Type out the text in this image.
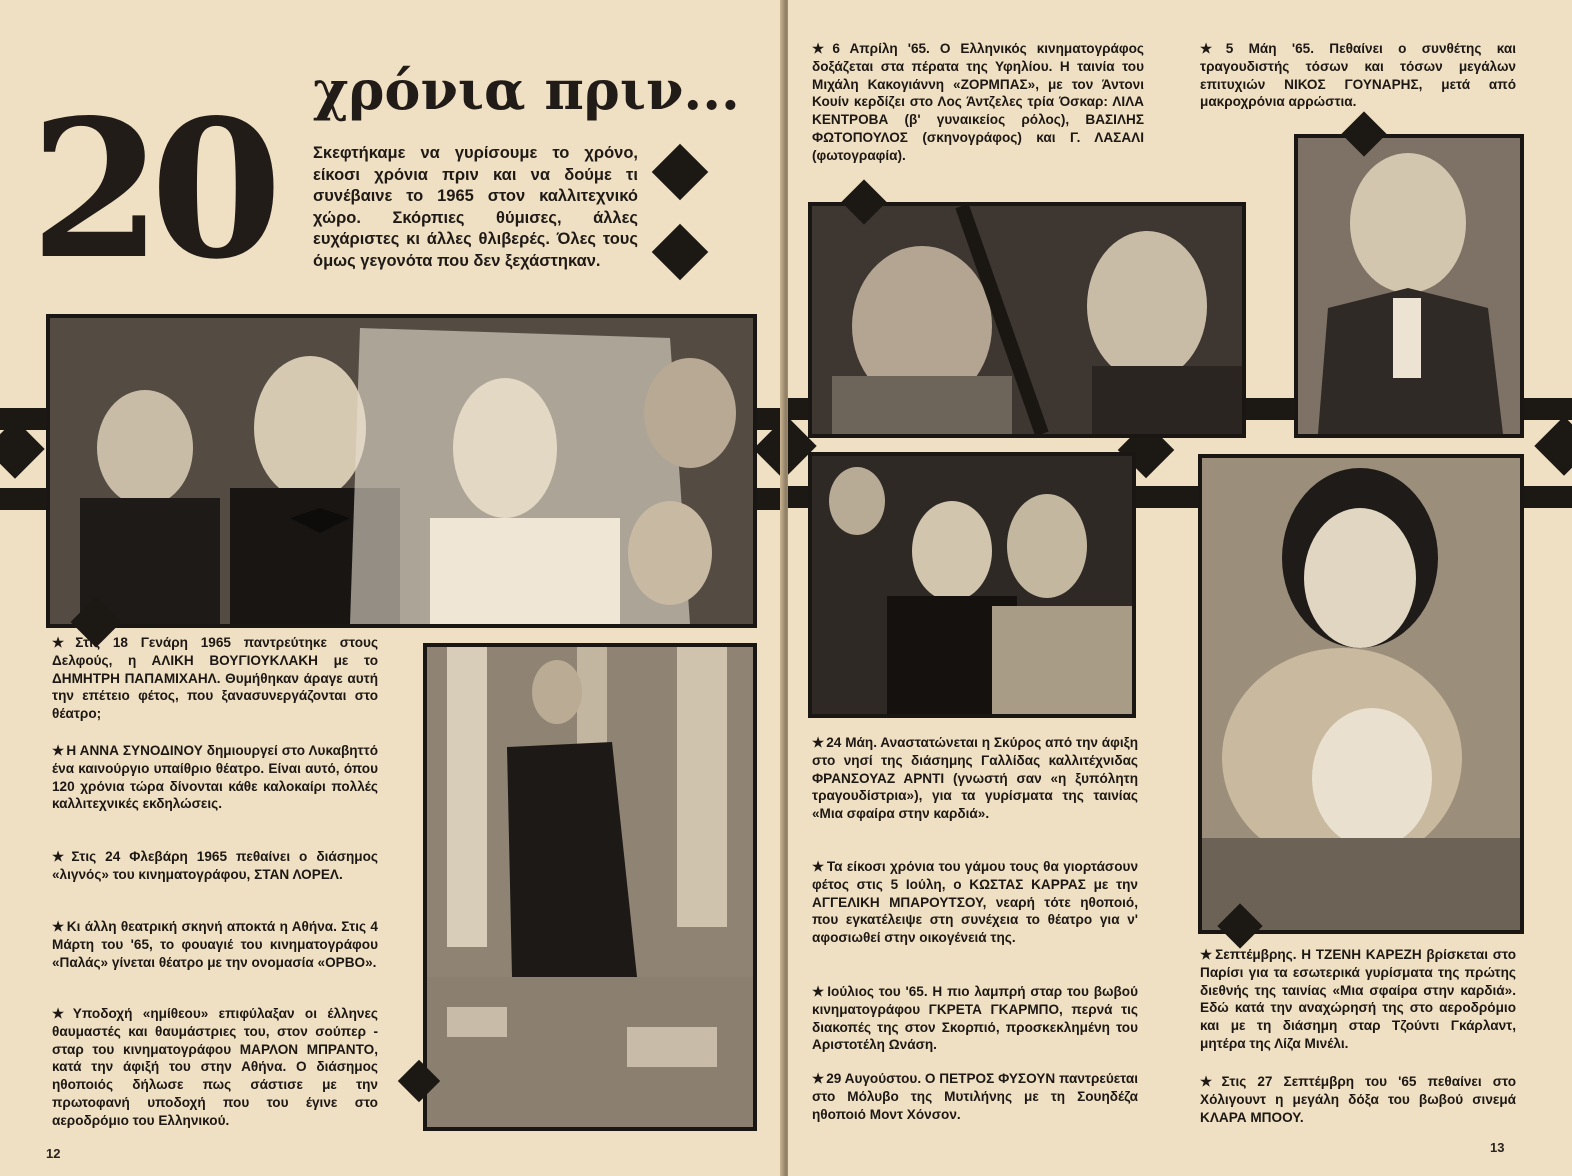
20 χρόνια πριν...
Σκεφτήκαμε να γυρίσουμε το χρόνο, είκοσι χρόνια πριν και να δούμε τι συνέβαινε το 1965 στον καλλιτεχνικό χώρο. Σκόρπιες θύμισες, άλλες ευχάριστες κι άλλες θλιβερές. Όλες τους όμως γεγονότα που δεν ξεχάστηκαν.
★ Στις 18 Γενάρη 1965 παντρεύτηκε στους Δελφούς, η ΑΛΙΚΗ ΒΟΥΓΙΟΥΚΛΑΚΗ με το ΔΗΜΗΤΡΗ ΠΑΠΑΜΙΧΑΗΛ. Θυμήθηκαν άραγε αυτή την επέτειο φέτος, που ξανασυνεργάζονται στο θέατρο;
★ Η ΑΝΝΑ ΣΥΝΟΔΙΝΟΥ δημιουργεί στο Λυκαβηττό ένα καινούργιο υπαίθριο θέατρο. Είναι αυτό, όπου 120 χρόνια τώρα δίνονται κάθε καλοκαίρι πολλές καλλιτεχνικές εκδηλώσεις.
★ Στις 24 Φλεβάρη 1965 πεθαίνει ο διάσημος «λιγνός» του κινηματογράφου, ΣΤΑΝ ΛΟΡΕΛ.
★ Κι άλλη θεατρική σκηνή αποκτά η Αθήνα. Στις 4 Μάρτη του '65, το φουαγιέ του κινηματογράφου «Παλάς» γίνεται θέατρο με την ονομασία «ΟΡΒΟ».
★ Υποδοχή «ημίθεου» επιφύλαξαν οι έλληνες θαυμαστές και θαυμάστριες του, στον σούπερ - σταρ του κινηματογράφου ΜΑΡΛΟΝ ΜΠΡΑΝΤΟ, κατά την άφιξή του στην Αθήνα. Ο διάσημος ηθοποιός δήλωσε πως σάστισε με την πρωτοφανή υποδοχή που του έγινε στο αεροδρόμιο του Ελληνικού.
12
★ 6 Απρίλη '65. Ο Ελληνικός κινηματογράφος δοξάζεται στα πέρατα της Υφηλίου. Η ταινία του Μιχάλη Κακογιάννη «ΖΟΡΜΠΑΣ», με τον Άντονι Κουίν κερδίζει στο Λος Άντζελες τρία Όσκαρ: ΛΙΛΑ ΚΕΝΤΡΟΒΑ (β' γυναικείος ρόλος), ΒΑΣΙΛΗΣ ΦΩΤΟΠΟΥΛΟΣ (σκηνογράφος) και Γ. ΛΑΣΑΛΙ (φωτογραφία).
★ 24 Μάη. Αναστατώνεται η Σκύρος από την άφιξη στο νησί της διάσημης Γαλλίδας καλλιτέχνιδας ΦΡΑΝΣΟΥΑΖ ΑΡΝΤΙ (γνωστή σαν «η ξυπόλητη τραγουδίστρια»), για τα γυρίσματα της ταινίας «Μια σφαίρα στην καρδιά».
★ Τα είκοσι χρόνια του γάμου τους θα γιορτάσουν φέτος στις 5 Ιούλη, ο ΚΩΣΤΑΣ ΚΑΡΡΑΣ με την ΑΓΓΕΛΙΚΗ ΜΠΑΡΟΥΤΣΟΥ, νεαρή τότε ηθοποιό, που εγκατέλειψε στη συνέχεια το θέατρο για ν' αφοσιωθεί στην οικογένειά της.
★ Ιούλιος του '65. Η πιο λαμπρή σταρ του βωβού κινηματογράφου ΓΚΡΕΤΑ ΓΚΑΡΜΠΟ, περνά τις διακοπές της στον Σκορπιό, προσκεκλημένη του Αριστοτέλη Ωνάση.
★ 29 Αυγούστου. Ο ΠΕΤΡΟΣ ΦΥΣΟΥΝ παντρεύεται στο Μόλυβο της Μυτιλήνης με τη Σουηδέζα ηθοποιό Μοντ Χόνσον.
★ 5 Μάη '65. Πεθαίνει ο συνθέτης και τραγουδιστής τόσων και τόσων μεγάλων επιτυχιών ΝΙΚΟΣ ΓΟΥΝΑΡΗΣ, μετά από μακροχρόνια αρρώστια.
★ Σεπτέμβρης. Η ΤΖΕΝΗ ΚΑΡΕΖΗ βρίσκεται στο Παρίσι για τα εσωτερικά γυρίσματα της πρώτης διεθνής της ταινίας «Μια σφαίρα στην καρδιά». Εδώ κατά την αναχώρησή της στο αεροδρόμιο και με τη διάσημη σταρ Τζούντι Γκάρλαντ, μητέρα της Λίζα Μινέλι.
★ Στις 27 Σεπτέμβρη του '65 πεθαίνει στο Χόλιγουντ η μεγάλη δόξα του βωβού σινεμά ΚΛΑΡΑ ΜΠΟΟΥ.
13
